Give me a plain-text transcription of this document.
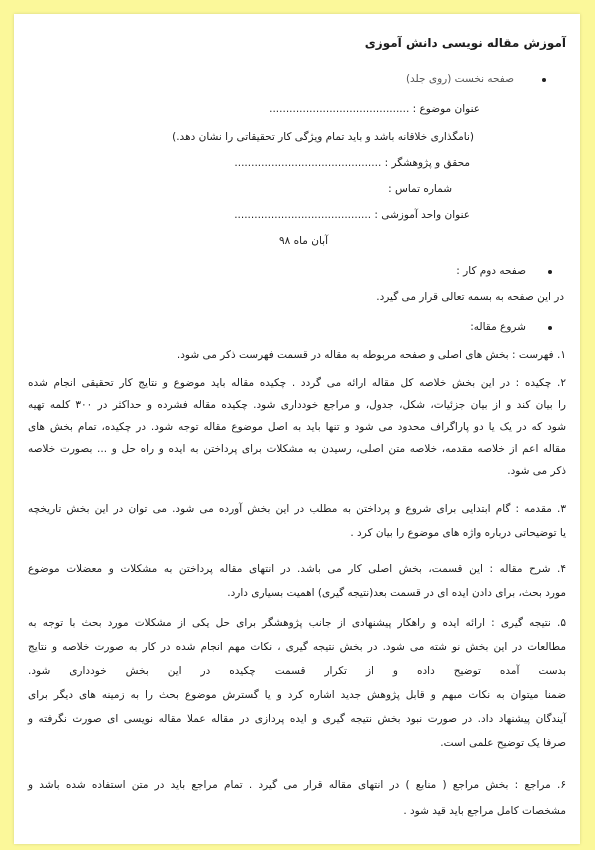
آموزش مقاله نویسی دانش آموزی
صفحه نخست (روی جلد)
عنوان موضوع : ..........................................
(نامگذاری خلاقانه باشد و باید تمام ویژگی کار تحقیقاتی را نشان دهد.)
محقق و پژوهشگر : ............................................
شماره تماس :
عنوان واحد آموزشی : .........................................
آبان ماه ۹۸
صفحه دوم کار :
در این صفحه به بسمه تعالی قرار می گیرد.
شروع مقاله:
۱. فهرست : بخش های اصلی و صفحه مربوطه به مقاله در قسمت فهرست ذکر می شود.
۲. چکیده : در این بخش خلاصه کل مقاله ارائه می گردد . چکیده مقاله باید موضوع و نتایج کار تحقیقی انجام شده
را بیان کند و از بیان جزئیات، شکل، جدول، و مراجع خودداری شود. چکیده مقاله فشرده و حداکثر در ۳۰۰ کلمه تهیه
شود که در یک یا دو پاراگراف محدود می شود و تنها باید به اصل موضوع مقاله توجه شود. در چکیده، تمام بخش های
مقاله اعم از خلاصه مقدمه، خلاصه متن اصلی، رسیدن به مشکلات برای پرداختن به ایده و راه حل و ... بصورت خلاصه
ذکر می شود.
۳. مقدمه : گام ابتدایی برای شروع و پرداختن به مطلب در این بخش آورده می شود. می توان در این بخش تاریخچه
یا توضیحاتی درباره واژه های موضوع را بیان کرد .
۴. شرح مقاله : این قسمت، بخش اصلی کار می باشد. در انتهای مقاله پرداختن به مشکلات و معضلات موضوع
مورد بحث، برای دادن ایده ای در قسمت بعد(نتیجه گیری) اهمیت بسیاری دارد.
۵. نتیجه گیری : ارائه ایده و راهکار پیشنهادی از جانب پژوهشگر برای حل یکی از مشکلات مورد بحث با توجه به
مطالعات در این بخش نو شته می شود. در بخش نتیجه گیری ، نکات مهم انجام شده در کار به صورت خلاصه و نتایج
بدست آمده توضیح داده و از تکرار قسمت چکیده در این بخش خودداری شود.
ضمنا میتوان به نکات مبهم و قابل پژوهش جدید اشاره کرد و یا گسترش موضوع بحث را به زمینه های دیگر برای
آیندگان پیشنهاد داد. در صورت نبود بخش نتیجه گیری و ایده پردازی در مقاله عملا مقاله نویسی ای صورت نگرفته و
صرفا یک توضیح علمی است.
۶. مراجع : بخش مراجع ( منابع ) در انتهای مقاله قرار می گیرد . تمام مراجع باید در متن استفاده شده باشد و
مشخصات کامل مراجع باید قید شود .
